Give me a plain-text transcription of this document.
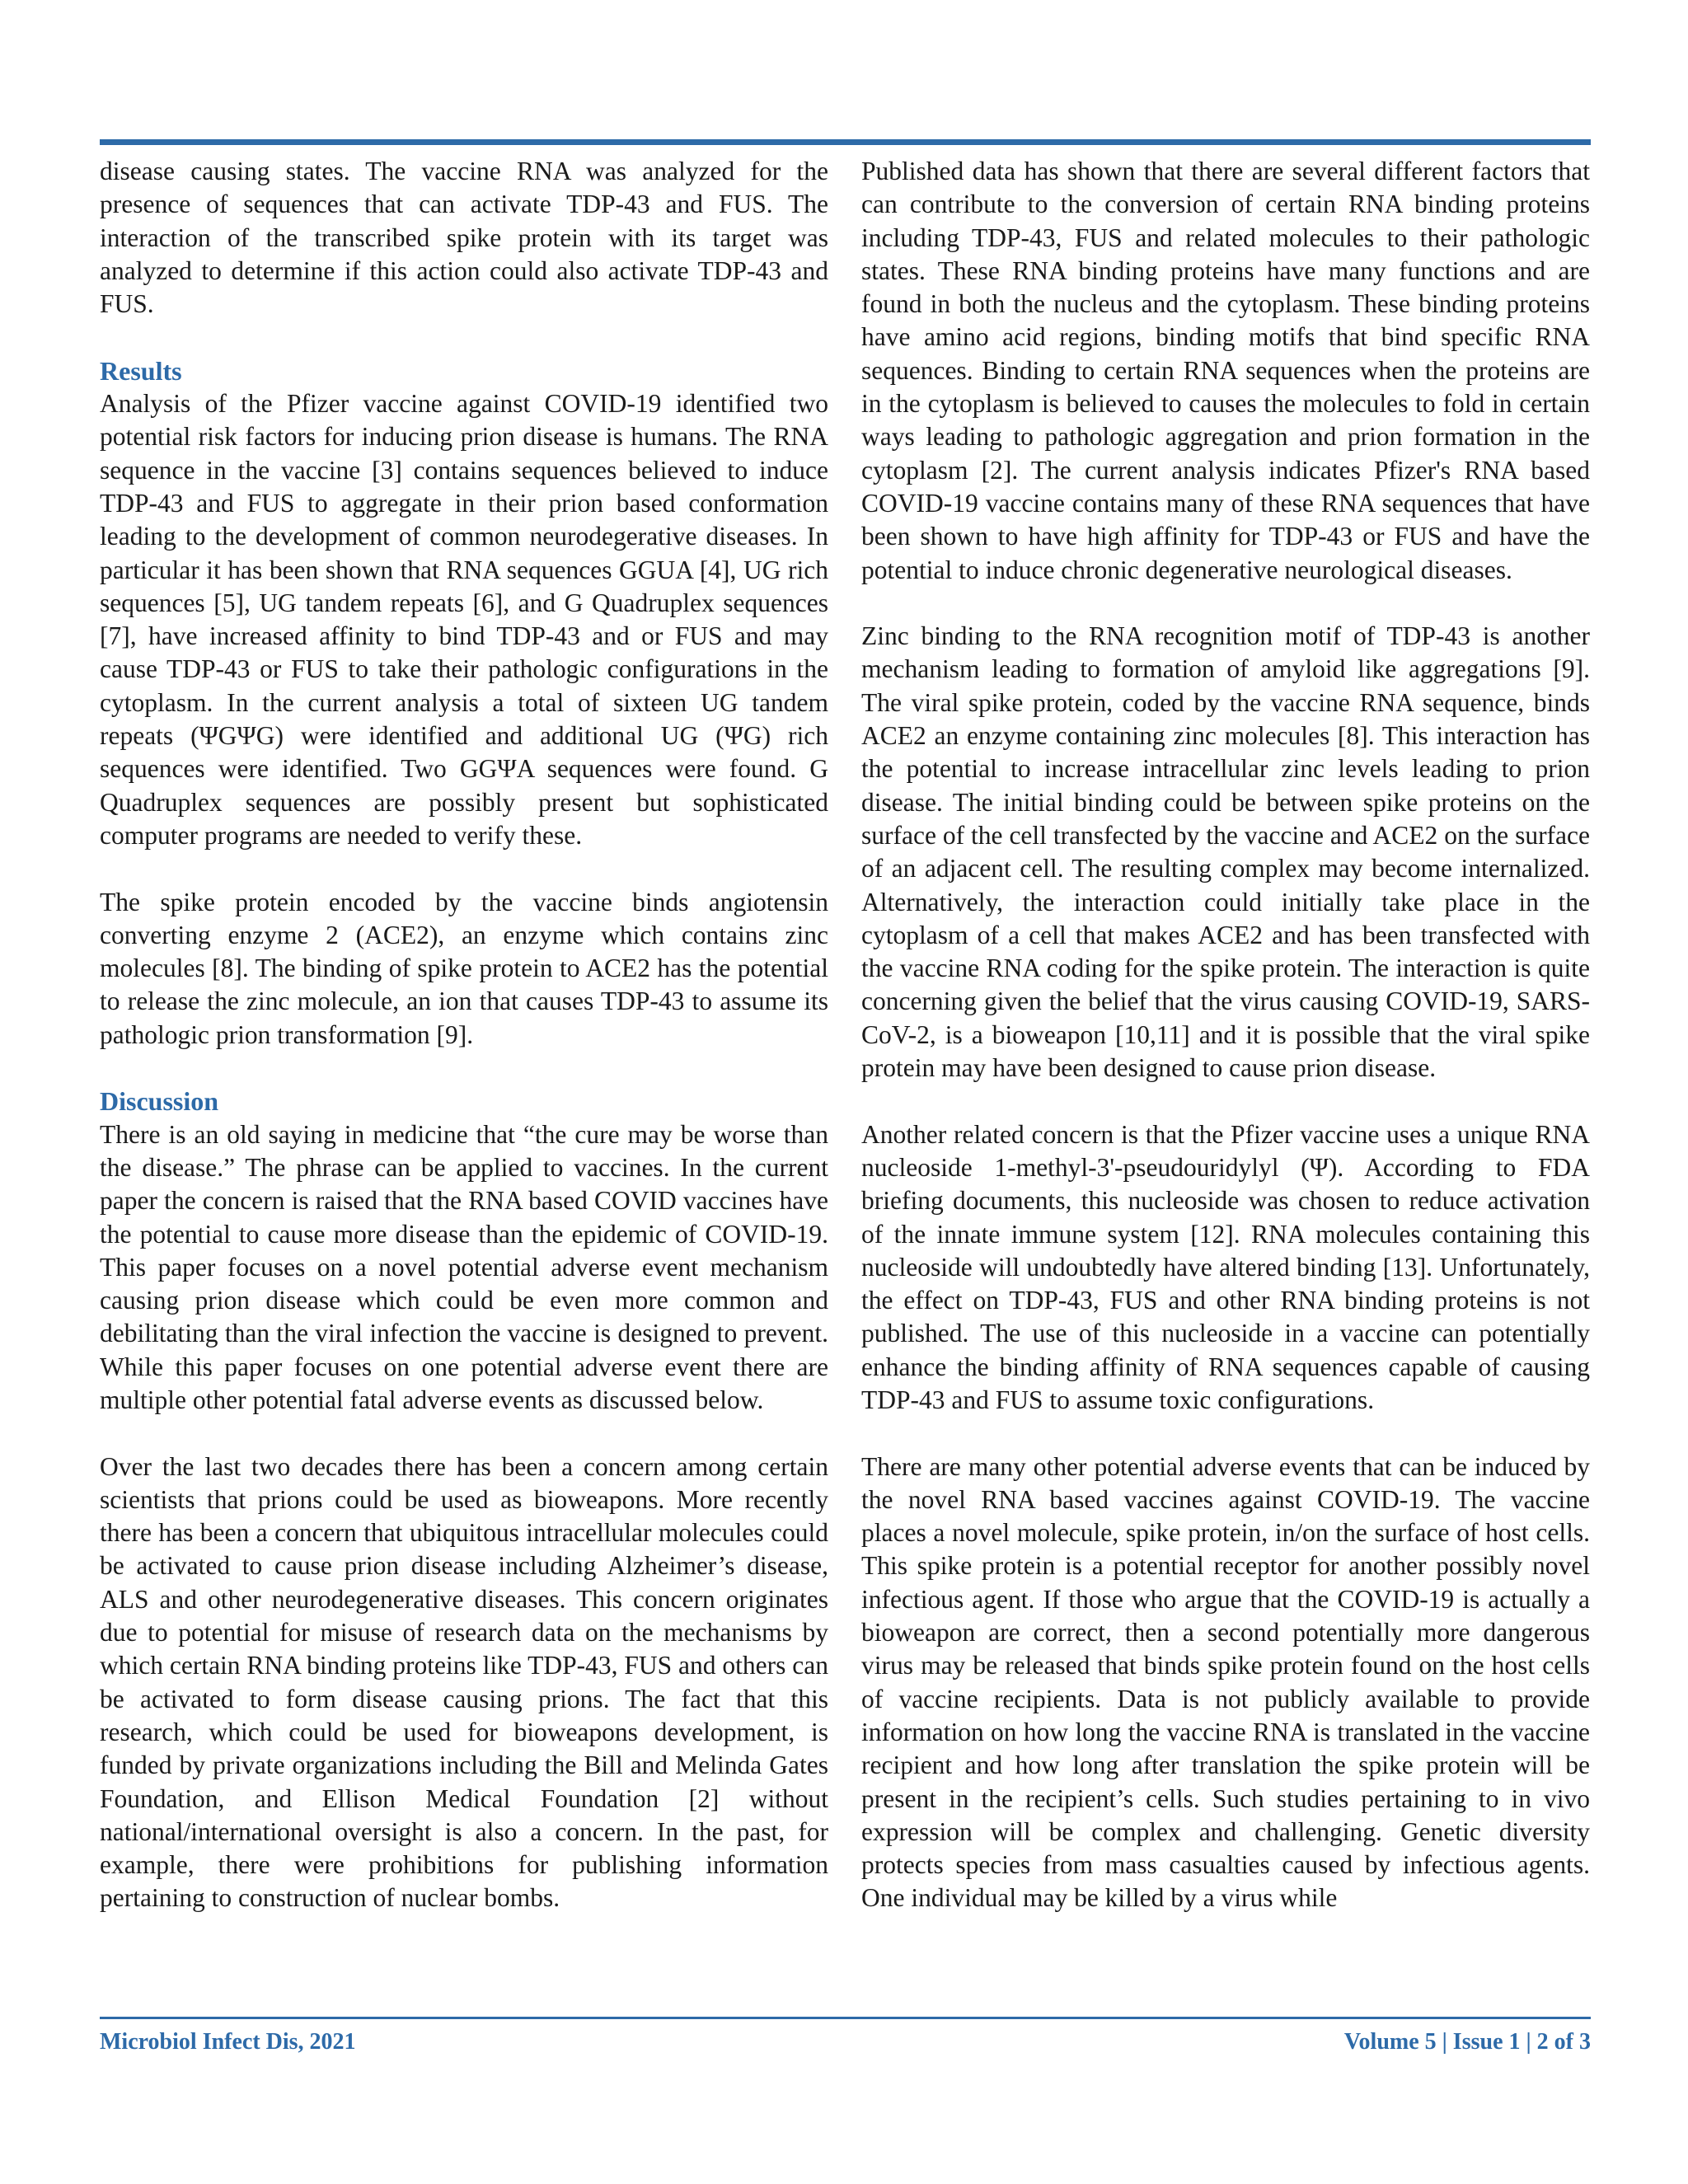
disease causing states. The vaccine RNA was analyzed for the presence of sequences that can activate TDP-43 and FUS. The interaction of the transcribed spike protein with its target was analyzed to determine if this action could also activate TDP-43 and FUS.

Results

Analysis of the Pfizer vaccine against COVID-19 identified two potential risk factors for inducing prion disease is humans. The RNA sequence in the vaccine [3] contains sequences believed to induce TDP-43 and FUS to aggregate in their prion based conformation leading to the development of common neurodegerative diseases. In particular it has been shown that RNA sequences GGUA [4], UG rich sequences [5], UG tandem repeats [6], and G Quadruplex sequences [7], have increased affinity to bind TDP-43 and or FUS and may cause TDP-43 or FUS to take their pathologic configurations in the cytoplasm. In the current analysis a total of sixteen UG tandem repeats (ΨGΨG) were identified and additional UG (ΨG) rich sequences were identified. Two GGΨA sequences were found. G Quadruplex sequences are possibly present but sophisticated computer programs are needed to verify these.

The spike protein encoded by the vaccine binds angiotensin converting enzyme 2 (ACE2), an enzyme which contains zinc molecules [8]. The binding of spike protein to ACE2 has the potential to release the zinc molecule, an ion that causes TDP-43 to assume its pathologic prion transformation [9].

Discussion

There is an old saying in medicine that “the cure may be worse than the disease.” The phrase can be applied to vaccines. In the current paper the concern is raised that the RNA based COVID vaccines have the potential to cause more disease than the epidemic of COVID-19. This paper focuses on a novel potential adverse event mechanism causing prion disease which could be even more common and debilitating than the viral infection the vaccine is designed to prevent. While this paper focuses on one potential adverse event there are multiple other potential fatal adverse events as discussed below.

Over the last two decades there has been a concern among certain scientists that prions could be used as bioweapons. More recently there has been a concern that ubiquitous intracellular molecules could be activated to cause prion disease including Alzheimer’s disease, ALS and other neurodegenerative diseases. This concern originates due to potential for misuse of research data on the mechanisms by which certain RNA binding proteins like TDP-43, FUS and others can be activated to form disease causing prions. The fact that this research, which could be used for bioweapons development, is funded by private organizations including the Bill and Melinda Gates Foundation, and Ellison Medical Foundation [2] without national/international oversight is also a concern. In the past, for example, there were prohibitions for publishing information pertaining to construction of nuclear bombs.

Published data has shown that there are several different factors that can contribute to the conversion of certain RNA binding proteins including TDP-43, FUS and related molecules to their pathologic states. These RNA binding proteins have many functions and are found in both the nucleus and the cytoplasm. These binding proteins have amino acid regions, binding motifs that bind specific RNA sequences. Binding to certain RNA sequences when the proteins are in the cytoplasm is believed to causes the molecules to fold in certain ways leading to pathologic aggregation and prion formation in the cytoplasm [2]. The current analysis indicates Pfizer's RNA based COVID-19 vaccine contains many of these RNA sequences that have been shown to have high affinity for TDP-43 or FUS and have the potential to induce chronic degenerative neurological diseases.

Zinc binding to the RNA recognition motif of TDP-43 is another mechanism leading to formation of amyloid like aggregations [9]. The viral spike protein, coded by the vaccine RNA sequence, binds ACE2 an enzyme containing zinc molecules [8]. This interaction has the potential to increase intracellular zinc levels leading to prion disease. The initial binding could be between spike proteins on the surface of the cell transfected by the vaccine and ACE2 on the surface of an adjacent cell. The resulting complex may become internalized. Alternatively, the interaction could initially take place in the cytoplasm of a cell that makes ACE2 and has been transfected with the vaccine RNA coding for the spike protein. The interaction is quite concerning given the belief that the virus causing COVID-19, SARS-CoV-2, is a bioweapon [10,11] and it is possible that the viral spike protein may have been designed to cause prion disease.

Another related concern is that the Pfizer vaccine uses a unique RNA nucleoside 1-methyl-3'-pseudouridylyl (Ψ). According to FDA briefing documents, this nucleoside was chosen to reduce activation of the innate immune system [12]. RNA molecules containing this nucleoside will undoubtedly have altered binding [13]. Unfortunately, the effect on TDP-43, FUS and other RNA binding proteins is not published. The use of this nucleoside in a vaccine can potentially enhance the binding affinity of RNA sequences capable of causing TDP-43 and FUS to assume toxic configurations.

There are many other potential adverse events that can be induced by the novel RNA based vaccines against COVID-19. The vaccine places a novel molecule, spike protein, in/on the surface of host cells. This spike protein is a potential receptor for another possibly novel infectious agent. If those who argue that the COVID-19 is actually a bioweapon are correct, then a second potentially more dangerous virus may be released that binds spike protein found on the host cells of vaccine recipients. Data is not publicly available to provide information on how long the vaccine RNA is translated in the vaccine recipient and how long after translation the spike protein will be present in the recipient’s cells. Such studies pertaining to in vivo expression will be complex and challenging. Genetic diversity protects species from mass casualties caused by infectious agents. One individual may be killed by a virus while

Microbiol Infect Dis, 2021	Volume 5 | Issue 1 | 2 of 3
